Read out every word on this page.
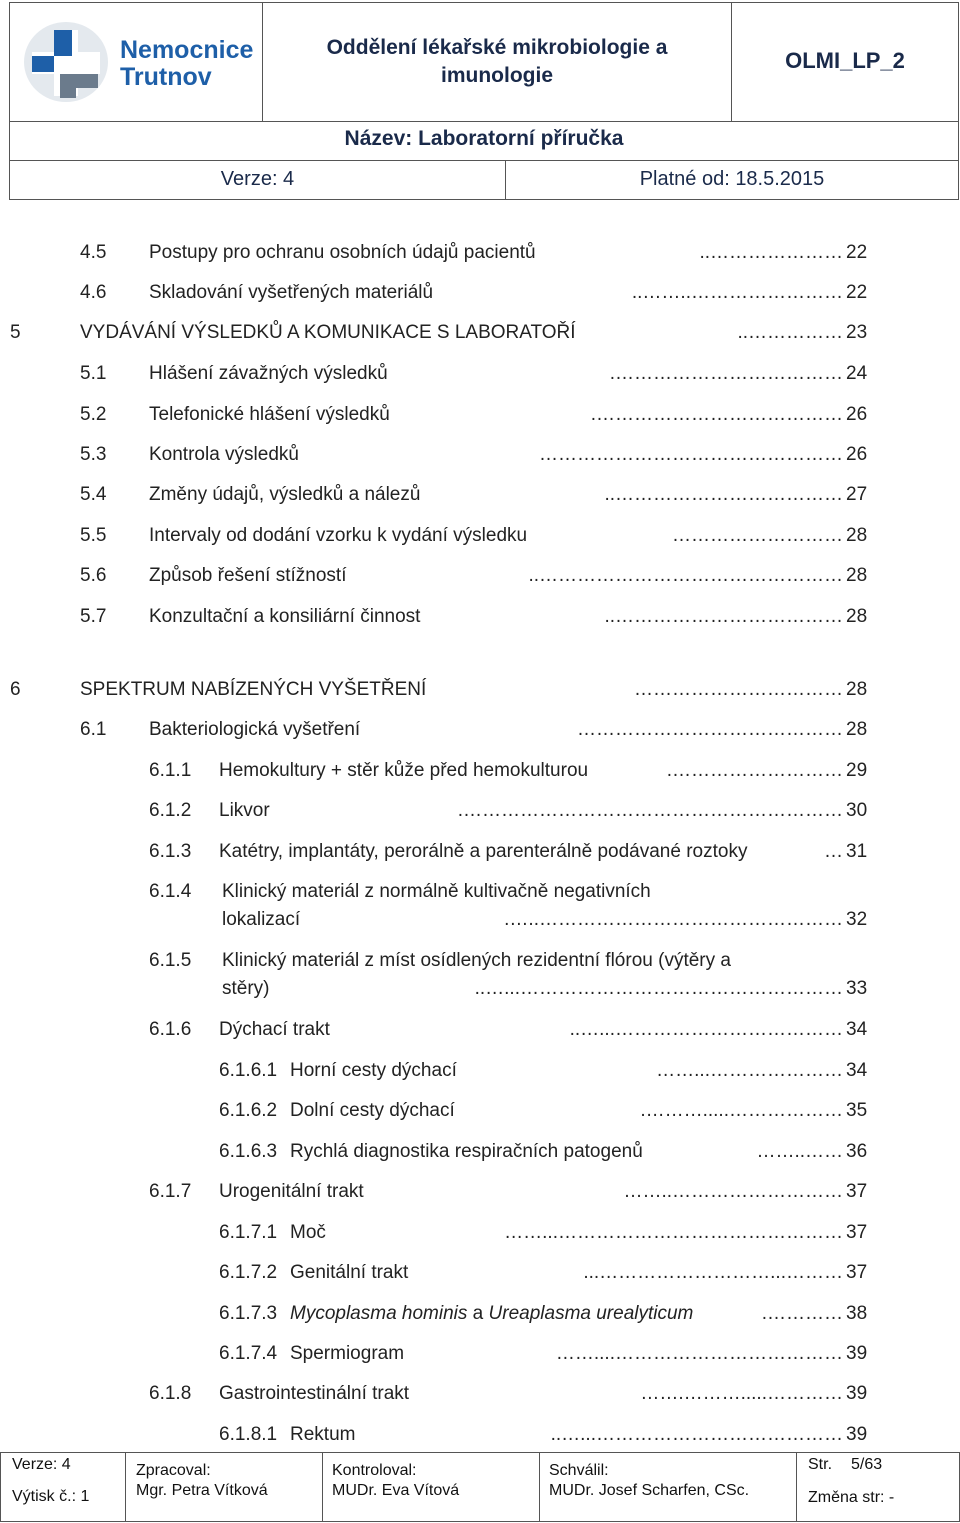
Nemocnice
Trutnov
Oddělení lékařské mikrobiologie a
imunologie
OLMI_LP_2
Název: Laboratorní příručka
Verze: 4	Platné od: 18.5.2015
4.5 Postupy pro ochranu osobních údajů pacientů	………………….. 22
4.6 Skladování vyšetřených materiálů	……………………..…….. 22
5	VYDÁVÁNÍ VÝSLEDKŮ A KOMUNIKACE S LABORATOŘÍ	…………….. 23
5.1 Hlášení závažných výsledků	………………………………. 24
5.2 Telefonické hlášení výsledků	…………………………………. 26
5.3 Kontrola výsledků	………………………………………… 26
5.4 Změny údajů, výsledků a nálezů	……………………………….. 27
5.5 Intervaly od dodání vzorku k vydání výsledku	……………………… 28
5.6 Způsob řešení stížností	………………………………………….. 28
5.7 Konzultační a konsiliární činnost	……………………………….. 28
6	SPEKTRUM NABÍZENÝCH VYŠETŘENÍ	…………………………… 28
6.1 Bakteriologická vyšetření	…………………………………… 28
6.1.1 Hemokultury + stěr kůže před hemokulturou	………………………. 29
6.1.2 Likvor	……………………………………………………. 30
6.1.3 Katétry, implantáty, perorálně a parenterálně podávané roztoky	… 31
6.1.4 Klinický materiál z normálně kultivačně negativních
lokalizací	…………………………………………..…. 32
6.1.5 Klinický materiál z míst osídlených rezidentní flórou (výtěry a
stěry)	……………………………………………...….. 33
6.1.6 Dýchací trakt	………………………………...….. 34
6.1.6.1 Horní cesty dýchací	…………………...…… 34
6.1.6.2 Dolní cesty dýchací	……………….....………. 35
6.1.6.3 Rychlá diagnostika respiračních patogenů	……..…… 36
6.1.7 Urogenitální trakt	………………………..…… 37
6.1.7.1 Moč	………………………………………...…… 37
6.1.7.2 Genitální trakt	………...………………………... 37
6.1.7.3 Mycoplasma hominis a Ureaplasma urealyticum	…………. 38
6.1.7.4 Spermiogram	………………………………....…… 39
6.1.8 Gastrointestinální trakt	………….....……….…… 39
6.1.8.1 Rektum	…………………………………...….. 39
Verze: 4
Výtisk č.: 1
Zpracoval:
Mgr. Petra Vítková
Kontroloval:
MUDr. Eva Vítová
Schválil:
MUDr. Josef Scharfen, CSc.
Str. 5/63
Změna str: -
